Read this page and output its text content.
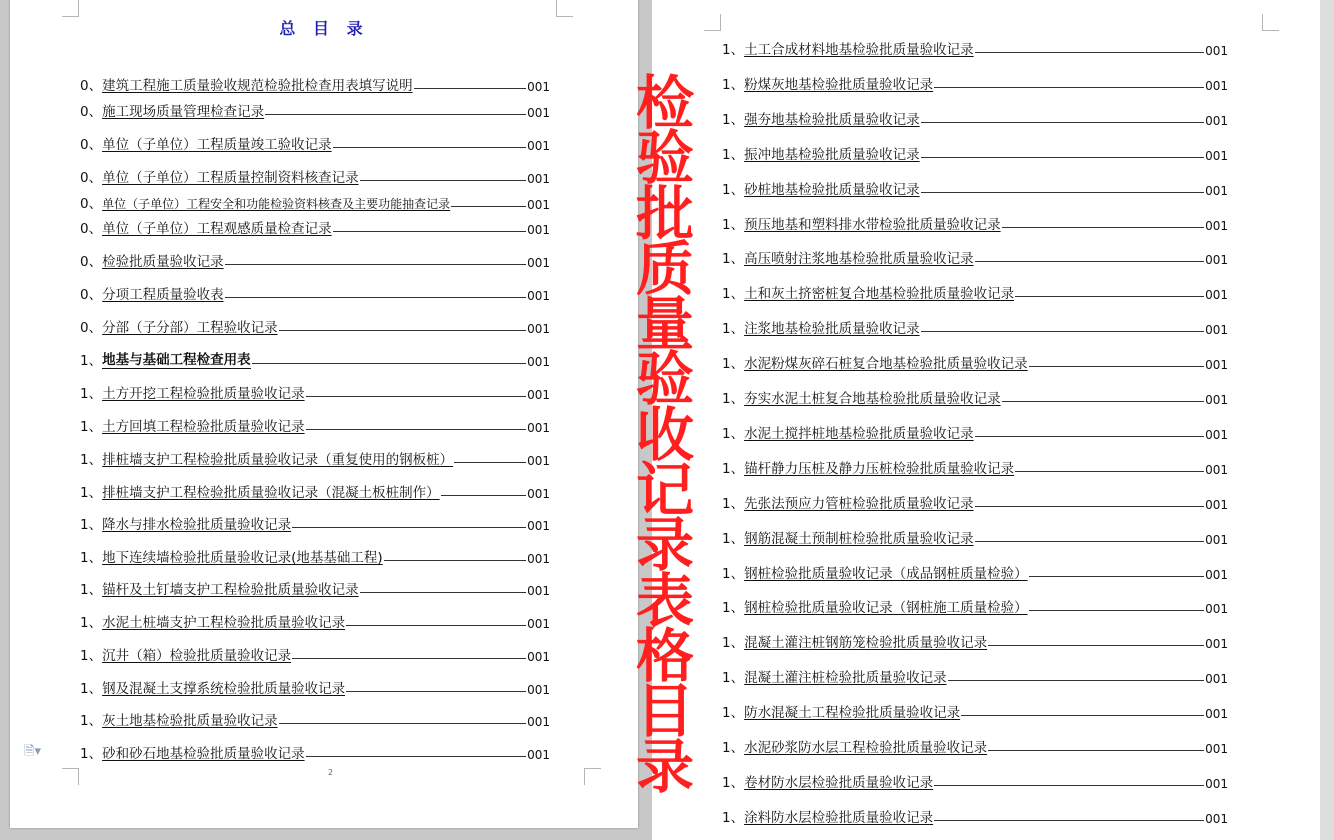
总 目 录
0、 建筑工程施工质量验收规范检验批检查用表填写说明	001
0、 施工现场质量管理检查记录	001
0、 单位（子单位）工程质量竣工验收记录	001
0、 单位（子单位）工程质量控制资料核查记录	001
0、 单位（子单位）工程安全和功能检验资料核查及主要功能抽查记录	001
0、 单位（子单位）工程观感质量检查记录	001
0、 检验批质量验收记录	001
0、 分项工程质量验收表	001
0、 分部（子分部）工程验收记录	001
1、 地基与基础工程检查用表	001
1、 土方开挖工程检验批质量验收记录	001
1、 土方回填工程检验批质量验收记录	001
1、 排桩墙支护工程检验批质量验收记录（重复使用的钢板桩）	001
1、 排桩墙支护工程检验批质量验收记录（混凝土板桩制作）	001
1、 降水与排水检验批质量验收记录	001
1、 地下连续墙检验批质量验收记录(地基基础工程)	001
1、 锚杆及土钉墙支护工程检验批质量验收记录	001
1、 水泥土桩墙支护工程检验批质量验收记录	001
1、 沉井（箱）检验批质量验收记录	001
1、 钢及混凝土支撑系统检验批质量验收记录	001
1、 灰土地基检验批质量验收记录	001
1、 砂和砂石地基检验批质量验收记录	001
🗎▾
2
1、 土工合成材料地基检验批质量验收记录	001
1、 粉煤灰地基检验批质量验收记录	001
1、 强夯地基检验批质量验收记录	001
1、 振冲地基检验批质量验收记录	001
1、 砂桩地基检验批质量验收记录	001
1、 预压地基和塑料排水带检验批质量验收记录	001
1、 高压喷射注浆地基检验批质量验收记录	001
1、 土和灰土挤密桩复合地基检验批质量验收记录	001
1、 注浆地基检验批质量验收记录	001
1、 水泥粉煤灰碎石桩复合地基检验批质量验收记录	001
1、 夯实水泥土桩复合地基检验批质量验收记录	001
1、 水泥土搅拌桩地基检验批质量验收记录	001
1、 锚杆静力压桩及静力压桩检验批质量验收记录	001
1、 先张法预应力管桩检验批质量验收记录	001
1、 钢筋混凝土预制桩检验批质量验收记录	001
1、 钢桩检验批质量验收记录（成品钢桩质量检验）	001
1、 钢桩检验批质量验收记录（钢桩施工质量检验）	001
1、 混凝土灌注桩钢筋笼检验批质量验收记录	001
1、 混凝土灌注桩检验批质量验收记录	001
1、 防水混凝土工程检验批质量验收记录	001
1、 水泥砂浆防水层工程检验批质量验收记录	001
1、 卷材防水层检验批质量验收记录	001
1、 涂料防水层检验批质量验收记录	001
检
验
批
质
量
验
收
记
录
表
格
目
录
